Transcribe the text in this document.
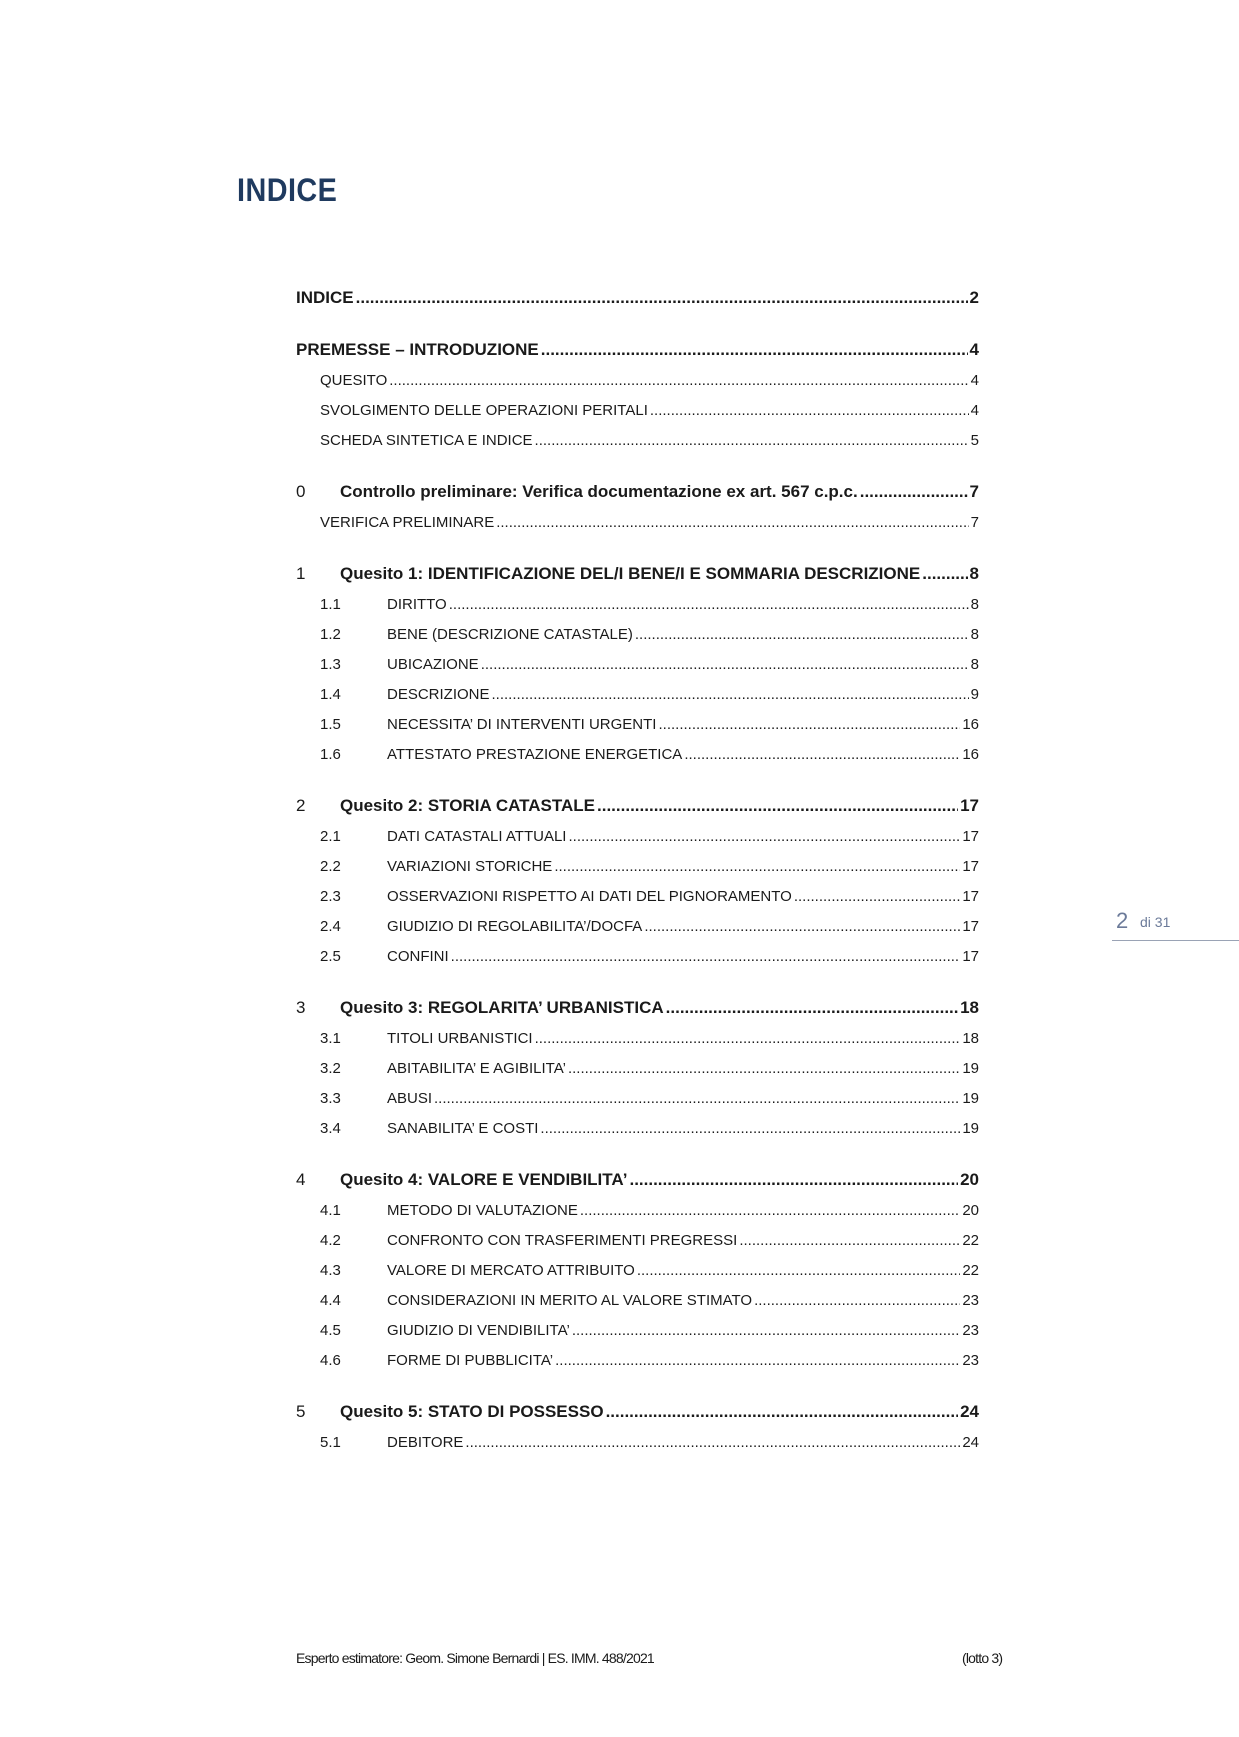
INDICE
INDICE .....	2
PREMESSE – INTRODUZIONE .....	4
QUESITO .....	4
SVOLGIMENTO DELLE OPERAZIONI PERITALI .....	4
SCHEDA SINTETICA E INDICE .....	5
0	Controllo preliminare: Verifica documentazione ex art. 567 c.p.c. .....	7
VERIFICA PRELIMINARE .....	7
1	Quesito 1: IDENTIFICAZIONE DEL/I BENE/I E SOMMARIA DESCRIZIONE .....	8
1.1	DIRITTO .....	8
1.2	BENE (DESCRIZIONE CATASTALE) .....	8
1.3	UBICAZIONE .....	8
1.4	DESCRIZIONE .....	9
1.5	NECESSITA’ DI INTERVENTI URGENTI .....	16
1.6	ATTESTATO PRESTAZIONE ENERGETICA .....	16
2	Quesito 2: STORIA CATASTALE .....	17
2.1	DATI CATASTALI ATTUALI .....	17
2.2	VARIAZIONI STORICHE .....	17
2.3	OSSERVAZIONI RISPETTO AI DATI DEL PIGNORAMENTO .....	17
2.4	GIUDIZIO DI REGOLABILITA’/DOCFA .....	17
2.5	CONFINI .....	17
3	Quesito 3: REGOLARITA’ URBANISTICA .....	18
3.1	TITOLI URBANISTICI .....	18
3.2	ABITABILITA’ E AGIBILITA’ .....	19
3.3	ABUSI .....	19
3.4	SANABILITA’ E COSTI .....	19
4	Quesito 4: VALORE E VENDIBILITA’ .....	20
4.1	METODO DI VALUTAZIONE .....	20
4.2	CONFRONTO CON TRASFERIMENTI PREGRESSI .....	22
4.3	VALORE DI MERCATO ATTRIBUITO .....	22
4.4	CONSIDERAZIONI IN MERITO AL VALORE STIMATO .....	23
4.5	GIUDIZIO DI VENDIBILITA’ .....	23
4.6	FORME DI PUBBLICITA’ .....	23
5	Quesito 5: STATO DI POSSESSO .....	24
5.1	DEBITORE .....	24
2 di 31
Esperto estimatore: Geom. Simone Bernardi | ES. IMM. 488/2021	(lotto 3)
